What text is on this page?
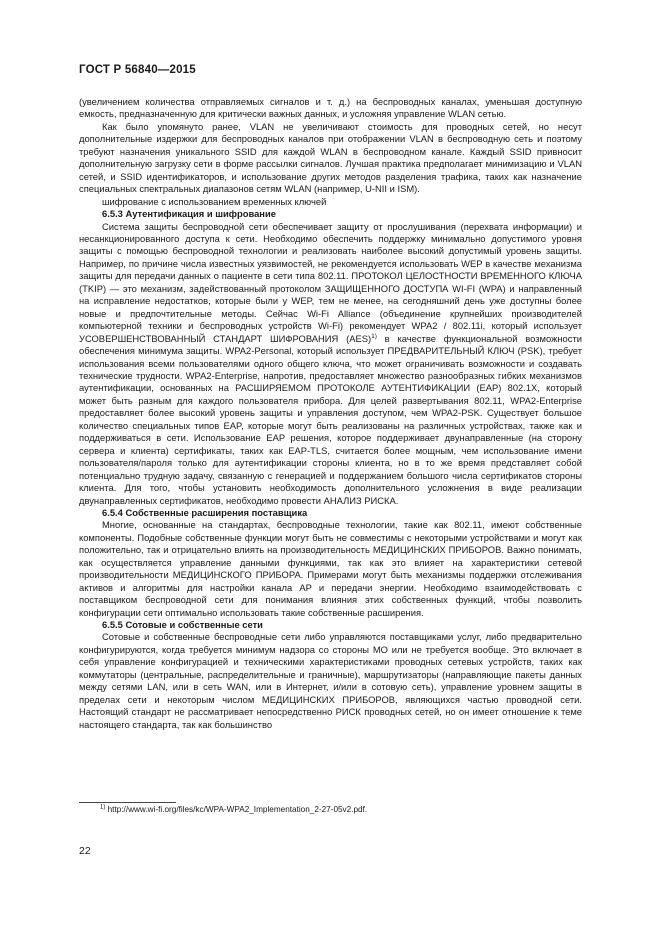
ГОСТ Р 56840—2015

(увеличением количества отправляемых сигналов и т. д.) на беспроводных каналах, уменьшая доступную емкость, предназначенную для критически важных данных, и усложняя управление WLAN сетью.

Как было упомянуто ранее, VLAN не увеличивают стоимость для проводных сетей, но несут дополнительные издержки для беспроводных каналов при отображении VLAN в беспроводную сеть и поэтому требуют назначения уникального SSID для каждой WLAN в беспроводном канале. Каждый SSID привносит дополнительную загрузку сети в форме рассылки сигналов. Лучшая практика предполагает минимизацию и VLAN сетей, и SSID идентификаторов, и использование других методов разделения трафика, таких как назначение специальных спектральных диапазонов сетям WLAN (например, U-NII и ISM).

шифрование с использованием временных ключей

6.5.3 Аутентификация и шифрование

Система защиты беспроводной сети обеспечивает защиту от прослушивания (перехвата информации) и несанкционированного доступа к сети. Необходимо обеспечить поддержку минимально допустимого уровня защиты с помощью беспроводной технологии и реализовать наиболее высокий допустимый уровень защиты. Например, по причине числа известных уязвимостей, не рекомендуется использовать WEP в качестве механизма защиты для передачи данных о пациенте в сети типа 802.11. ПРОТОКОЛ ЦЕЛОСТНОСТИ ВРЕМЕННОГО КЛЮЧА (TKIP) — это механизм, задействованный протоколом ЗАЩИЩЕННОГО ДОСТУПА WI-FI (WPA) и направленный на исправление недостатков, которые были у WEP, тем не менее, на сегодняшний день уже доступны более новые и предпочтительные методы. Сейчас Wi-Fi Alliance (объединение крупнейших производителей компьютерной техники и беспроводных устройств Wi-Fi) рекомендует WPA2 / 802.11i, который использует УСОВЕРШЕНСТВОВАННЫЙ СТАНДАРТ ШИФРОВАНИЯ (AES)$^{1)}$ в качестве функциональной возможности обеспечения минимума защиты. WPA2-Personal, который использует ПРЕДВАРИТЕЛЬНЫЙ КЛЮЧ (PSK), требует использования всеми пользователями одного общего ключа, что может ограничивать возможности и создавать технические трудности. WPA2-Enterprise, напротив, предоставляет множество разнообразных гибких механизмов аутентификации, основанных на РАСШИРЯЕМОМ ПРОТОКОЛЕ АУТЕНТИФИКАЦИИ (EAP) 802.1X, который может быть разным для каждого пользователя прибора. Для целей развертывания 802.11, WPA2-Enterprise предоставляет более высокий уровень защиты и управления доступом, чем WPA2-PSK. Существует большое количество специальных типов EAP, которые могут быть реализованы на различных устройствах, также как и поддерживаться в сети. Использование EAP решения, которое поддерживает двунаправленные (на сторону сервера и клиента) сертификаты, таких как EAP-TLS, считается более мощным, чем использование имени пользователя/пароля только для аутентификации стороны клиента, но в то же время представляет собой потенциально трудную задачу, связанную с генерацией и поддержанием большого числа сертификатов стороны клиента. Для того, чтобы установить необходимость дополнительного усложнения в виде реализации двунаправленных сертификатов, необходимо провести АНАЛИЗ РИСКА.

6.5.4 Собственные расширения поставщика

Многие, основанные на стандартах, беспроводные технологии, такие как 802.11, имеют собственные компоненты. Подобные собственные функции могут быть не совместимы с некоторыми устройствами и могут как положительно, так и отрицательно влиять на производительность МЕДИЦИНСКИХ ПРИБОРОВ. Важно понимать, как осуществляется управление данными функциями, так как это влияет на характеристики сетевой производительности МЕДИЦИНСКОГО ПРИБОРА. Примерами могут быть механизмы поддержки отслеживания активов и алгоритмы для настройки канала AP и передачи энергии. Необходимо взаимодействовать с поставщиком беспроводной сети для понимания влияния этих собственных функций, чтобы позволить конфигурации сети оптимально использовать такие собственные расширения.

6.5.5 Сотовые и собственные сети

Сотовые и собственные беспроводные сети либо управляются поставщиками услуг, либо предварительно конфигурируются, когда требуется минимум надзора со стороны МО или не требуется вообще. Это включает в себя управление конфигурацией и техническими характеристиками проводных сетевых устройств, таких как коммутаторы (центральные, распределительные и граничные), маршрутизаторы (направляющие пакеты данных между сетями LAN, или в сеть WAN, или в Интернет, и/или в сотовую сеть), управление уровнем защиты в пределах сети и некоторым числом МЕДИЦИНСКИХ ПРИБОРОВ, являющихся частью проводной сети. Настоящий стандарт не рассматривает непосредственно РИСК проводных сетей, но он имеет отношение к теме настоящего стандарта, так как большинство

$^{1)}$ http://www.wi-fi.org/files/kc/WPA-WPA2_Implementation_2-27-05v2.pdf.
22
